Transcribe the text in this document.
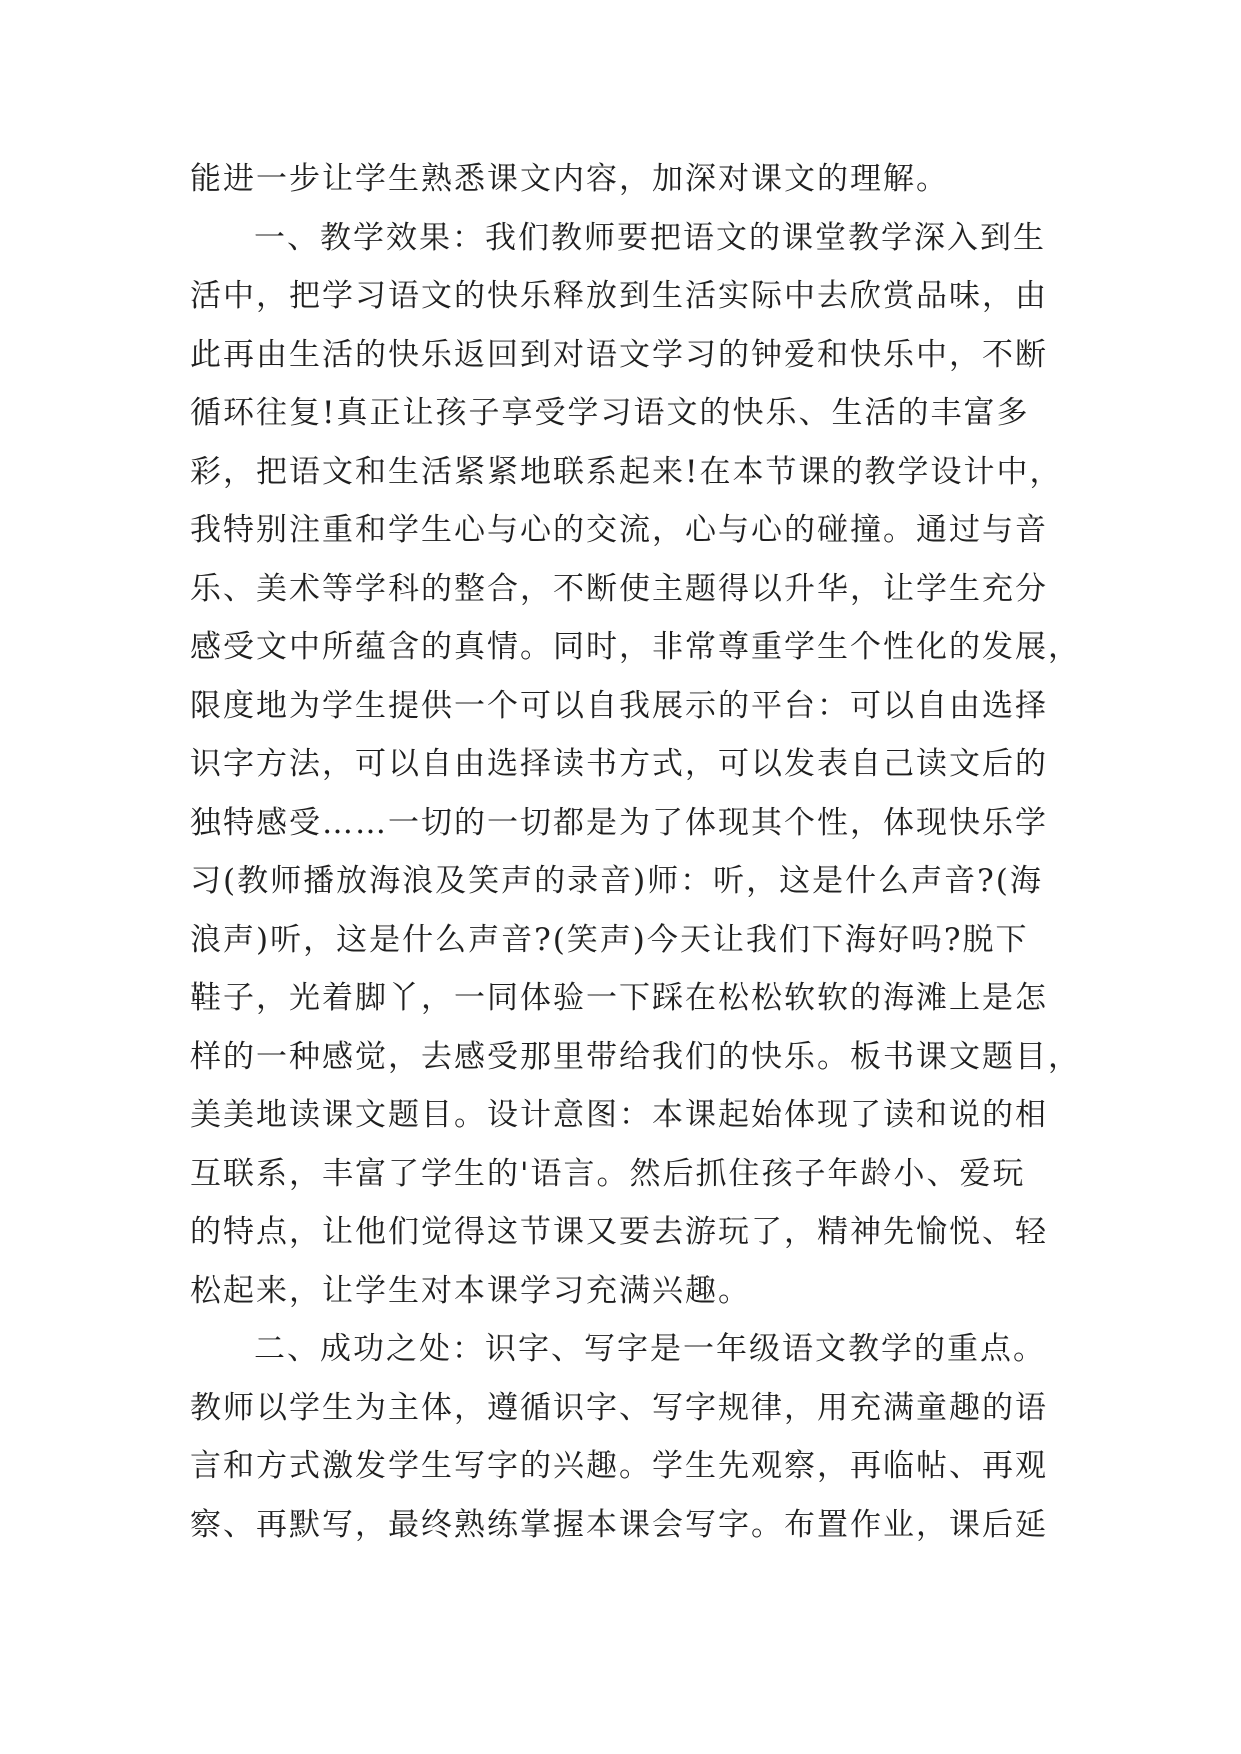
能进一步让学生熟悉课文内容，加深对课文的理解。
一、教学效果：我们教师要把语文的课堂教学深入到生
活中，把学习语文的快乐释放到生活实际中去欣赏品味，由
此再由生活的快乐返回到对语文学习的钟爱和快乐中，不断
循环往复!真正让孩子享受学习语文的快乐、生活的丰富多
彩，把语文和生活紧紧地联系起来!在本节课的教学设计中，
我特别注重和学生心与心的交流，心与心的碰撞。通过与音
乐、美术等学科的整合，不断使主题得以升华，让学生充分
感受文中所蕴含的真情。同时，非常尊重学生个性化的发展，
限度地为学生提供一个可以自我展示的平台：可以自由选择
识字方法，可以自由选择读书方式，可以发表自己读文后的
独特感受……一切的一切都是为了体现其个性，体现快乐学
习(教师播放海浪及笑声的录音)师：听，这是什么声音?(海
浪声)听，这是什么声音?(笑声)今天让我们下海好吗?脱下
鞋子，光着脚丫，一同体验一下踩在松松软软的海滩上是怎
样的一种感觉，去感受那里带给我们的快乐。板书课文题目，
美美地读课文题目。设计意图：本课起始体现了读和说的相
互联系，丰富了学生的'语言。然后抓住孩子年龄小、爱玩
的特点，让他们觉得这节课又要去游玩了，精神先愉悦、轻
松起来，让学生对本课学习充满兴趣。
二、成功之处：识字、写字是一年级语文教学的重点。
教师以学生为主体，遵循识字、写字规律，用充满童趣的语
言和方式激发学生写字的兴趣。学生先观察，再临帖、再观
察、再默写，最终熟练掌握本课会写字。布置作业，课后延
